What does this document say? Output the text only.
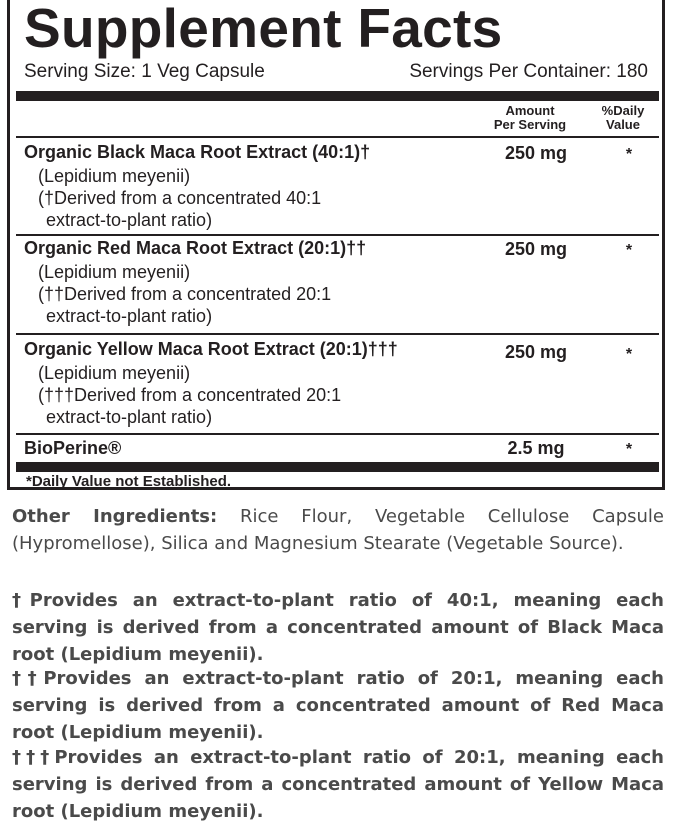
Supplement Facts
Serving Size: 1 Veg Capsule	Servings Per Container: 180
Amount
Per Serving
%Daily
Value
Organic Black Maca Root Extract (40:1)†
(Lepidium meyenii)
(†Derived from a concentrated 40:1
extract-to-plant ratio)
250 mg	*
Organic Red Maca Root Extract (20:1)††
(Lepidium meyenii)
(††Derived from a concentrated 20:1
extract-to-plant ratio)
250 mg	*
Organic Yellow Maca Root Extract (20:1)†††
(Lepidium meyenii)
(†††Derived from a concentrated 20:1
extract-to-plant ratio)
250 mg	*
BioPerine®	2.5 mg	*
*Daily Value not Established.
Other Ingredients: Rice Flour, Vegetable Cellulose Capsule (Hypromellose), Silica and Magnesium Stearate (Vegetable Source).
†Provides an extract-to-plant ratio of 40:1, meaning each serving is derived from a concentrated amount of Black Maca root (Lepidium meyenii).
††Provides an extract-to-plant ratio of 20:1, meaning each serving is derived from a concentrated amount of Red Maca root (Lepidium meyenii).
†††Provides an extract-to-plant ratio of 20:1, meaning each serving is derived from a concentrated amount of Yellow Maca root (Lepidium meyenii).
